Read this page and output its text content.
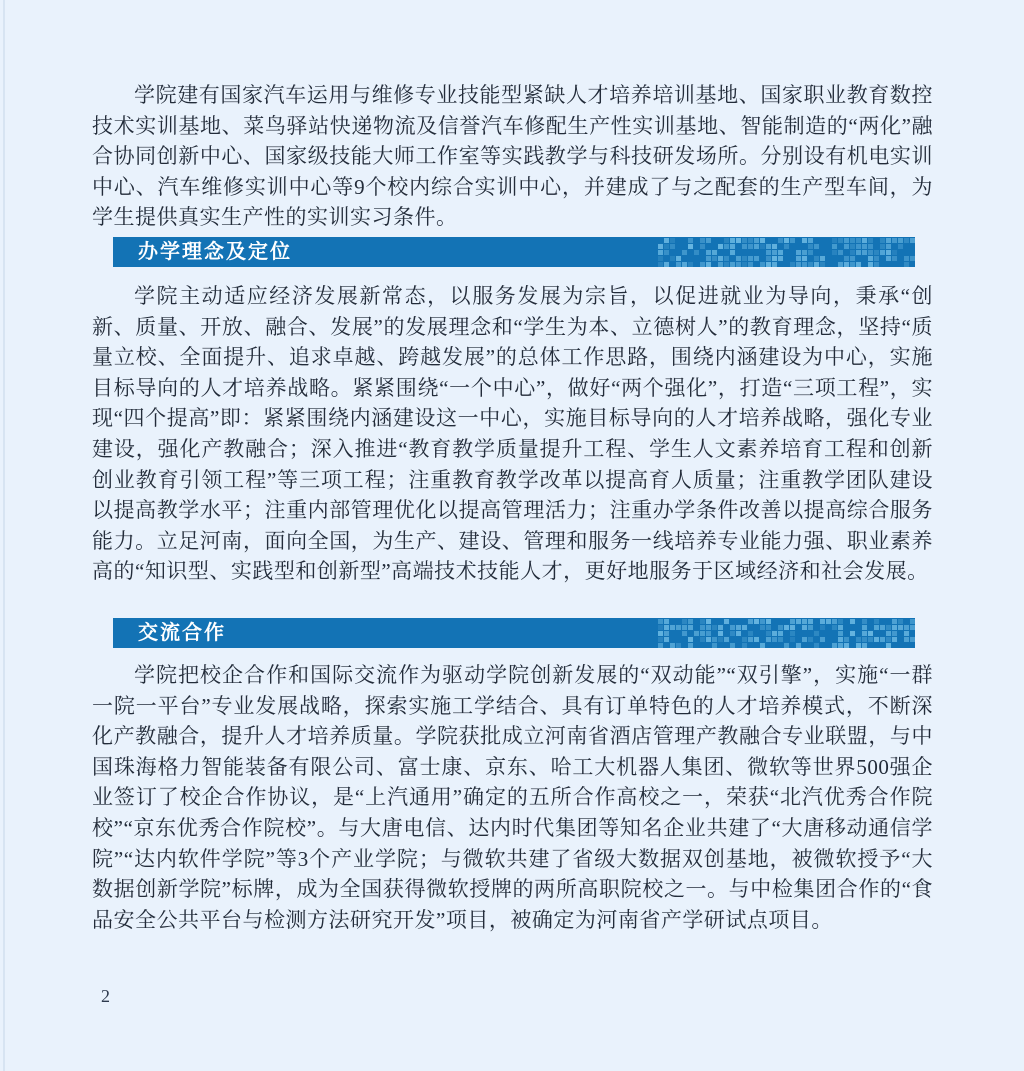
学院建有国家汽车运用与维修专业技能型紧缺人才培养培训基地、国家职业教育数控技术实训基地、菜鸟驿站快递物流及信誉汽车修配生产性实训基地、智能制造的“两化”融合协同创新中心、国家级技能大师工作室等实践教学与科技研发场所。分别设有机电实训中心、汽车维修实训中心等9个校内综合实训中心，并建成了与之配套的生产型车间，为学生提供真实生产性的实训实习条件。

办学理念及定位

学院主动适应经济发展新常态，以服务发展为宗旨，以促进就业为导向，秉承“创新、质量、开放、融合、发展”的发展理念和“学生为本、立德树人”的教育理念，坚持“质量立校、全面提升、追求卓越、跨越发展”的总体工作思路，围绕内涵建设为中心，实施目标导向的人才培养战略。紧紧围绕“一个中心”，做好“两个强化”，打造“三项工程”，实现“四个提高”即：紧紧围绕内涵建设这一中心，实施目标导向的人才培养战略，强化专业建设，强化产教融合；深入推进“教育教学质量提升工程、学生人文素养培育工程和创新创业教育引领工程”等三项工程；注重教育教学改革以提高育人质量；注重教学团队建设以提高教学水平；注重内部管理优化以提高管理活力；注重办学条件改善以提高综合服务能力。立足河南，面向全国，为生产、建设、管理和服务一线培养专业能力强、职业素养高的“知识型、实践型和创新型”高端技术技能人才，更好地服务于区域经济和社会发展。

交流合作

学院把校企合作和国际交流作为驱动学院创新发展的“双动能”“双引擎”，实施“一群一院一平台”专业发展战略，探索实施工学结合、具有订单特色的人才培养模式，不断深化产教融合，提升人才培养质量。学院获批成立河南省酒店管理产教融合专业联盟，与中国珠海格力智能装备有限公司、富士康、京东、哈工大机器人集团、微软等世界500强企业签订了校企合作协议，是“上汽通用”确定的五所合作高校之一，荣获“北汽优秀合作院校”“京东优秀合作院校”。与大唐电信、达内时代集团等知名企业共建了“大唐移动通信学院”“达内软件学院”等3个产业学院；与微软共建了省级大数据双创基地，被微软授予“大数据创新学院”标牌，成为全国获得微软授牌的两所高职院校之一。与中检集团合作的“食品安全公共平台与检测方法研究开发”项目，被确定为河南省产学研试点项目。

2
